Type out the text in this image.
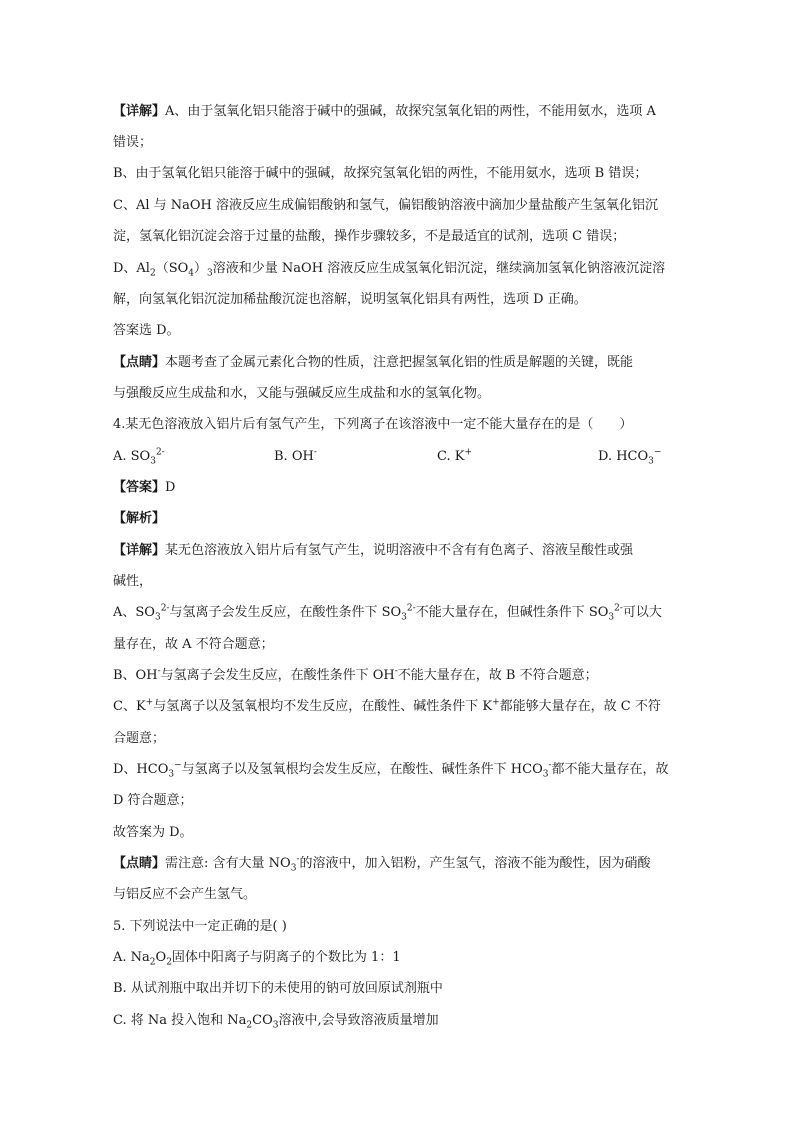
【详解】A、由于氢氧化铝只能溶于碱中的强碱，故探究氢氧化铝的两性，不能用氨水，选项 A
错误；
B、由于氢氧化铝只能溶于碱中的强碱，故探究氢氧化铝的两性，不能用氨水，选项 B 错误；
C、Al 与 NaOH 溶液反应生成偏铝酸钠和氢气，偏铝酸钠溶液中滴加少量盐酸产生氢氧化铝沉
淀，氢氧化铝沉淀会溶于过量的盐酸，操作步骤较多，不是最适宜的试剂，选项 C 错误；
D、$Al_2(SO_4)_3$溶液和少量 NaOH 溶液反应生成氢氧化铝沉淀，继续滴加氢氧化钠溶液沉淀溶
解，向氢氧化铝沉淀加稀盐酸沉淀也溶解，说明氢氧化铝具有两性，选项 D 正确。
答案选 D。
【点睛】本题考查了金属元素化合物的性质，注意把握氢氧化铝的性质是解题的关键，既能
与强酸反应生成盐和水，又能与强碱反应生成盐和水的氢氧化物。
4.某无色溶液放入铝片后有氢气产生，下列离子在该溶液中一定不能大量存在的是（　　）
A. $SO_3^{2-}$	B. OH-	C. K+	D. $HCO_3^-$
【答案】D
【解析】
【详解】某无色溶液放入铝片后有氢气产生，说明溶液中不含有有色离子、溶液呈酸性或强
碱性，
A、$SO_3^{2-}$与氢离子会发生反应，在酸性条件下 $SO_3^{2-}$不能大量存在，但碱性条件下 $SO_3^{2-}$可以大
量存在，故 A 不符合题意；
B、OH-与氢离子会发生反应，在酸性条件下 OH-不能大量存在，故 B 不符合题意；
C、K+与氢离子以及氢氧根均不发生反应，在酸性、碱性条件下 K+都能够大量存在，故 C 不符
合题意；
D、$HCO_3^-$与氢离子以及氢氧根均会发生反应，在酸性、碱性条件下 $HCO_3^-$都不能大量存在，故
D 符合题意；
故答案为 D。
【点睛】需注意: 含有大量 $NO_3^-$的溶液中，加入铝粉，产生氢气，溶液不能为酸性，因为硝酸
与铝反应不会产生氢气。
5. 下列说法中一定正确的是( )
A. $Na_2O_2$固体中阳离子与阴离子的个数比为 1：1
B. 从试剂瓶中取出并切下的未使用的钠可放回原试剂瓶中
C. 将 Na 投入饱和 $Na_2CO_3$溶液中,会导致溶液质量增加
